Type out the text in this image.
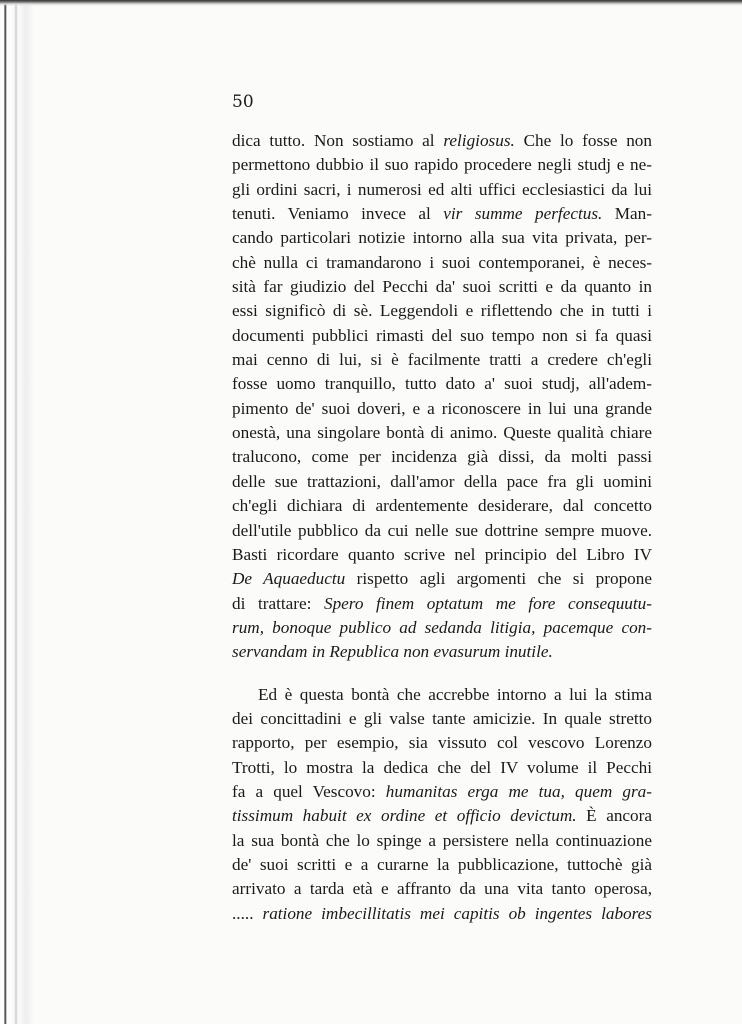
50
dica tutto. Non sostiamo al religiosus. Che lo fosse non
permettono dubbio il suo rapido procedere negli studj e ne-
gli ordini sacri, i numerosi ed alti uffici ecclesiastici da lui
tenuti. Veniamo invece al vir summe perfectus. Man-
cando particolari notizie intorno alla sua vita privata, per-
chè nulla ci tramandarono i suoi contemporanei, è neces-
sità far giudizio del Pecchi da' suoi scritti e da quanto in
essi significò di sè. Leggendoli e riflettendo che in tutti i
documenti pubblici rimasti del suo tempo non si fa quasi
mai cenno di lui, si è facilmente tratti a credere ch'egli
fosse uomo tranquillo, tutto dato a' suoi studj, all'adem-
pimento de' suoi doveri, e a riconoscere in lui una grande
onestà, una singolare bontà di animo. Queste qualità chiare
tralucono, come per incidenza già dissi, da molti passi
delle sue trattazioni, dall'amor della pace fra gli uomini
ch'egli dichiara di ardentemente desiderare, dal concetto
dell'utile pubblico da cui nelle sue dottrine sempre muove.
Basti ricordare quanto scrive nel principio del Libro IV
De Aquaeductu rispetto agli argomenti che si propone
di trattare: Spero finem optatum me fore consequutu-
rum, bonoque publico ad sedanda litigia, pacemque con-
servandam in Republica non evasurum inutile.
Ed è questa bontà che accrebbe intorno a lui la stima
dei concittadini e gli valse tante amicizie. In quale stretto
rapporto, per esempio, sia vissuto col vescovo Lorenzo
Trotti, lo mostra la dedica che del IV volume il Pecchi
fa a quel Vescovo: humanitas erga me tua, quem gra-
tissimum habuit ex ordine et officio devictum. È ancora
la sua bontà che lo spinge a persistere nella continuazione
de' suoi scritti e a curarne la pubblicazione, tuttochè già
arrivato a tarda età e affranto da una vita tanto operosa,
..... ratione imbecillitatis mei capitis ob ingentes labores
